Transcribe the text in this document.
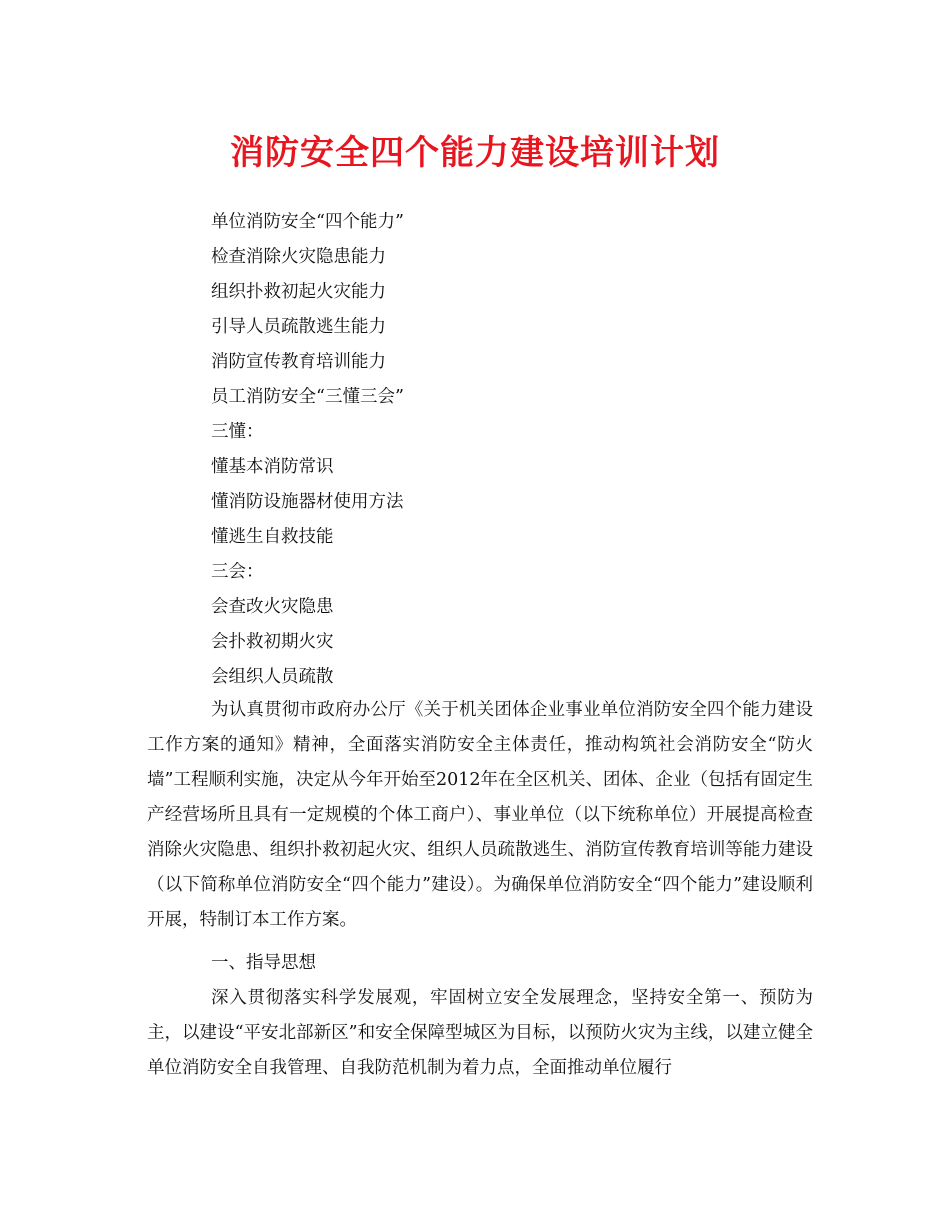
消防安全四个能力建设培训计划
单位消防安全“四个能力”
检查消除火灾隐患能力
组织扑救初起火灾能力
引导人员疏散逃生能力
消防宣传教育培训能力
员工消防安全“三懂三会”
三懂：
懂基本消防常识
懂消防设施器材使用方法
懂逃生自救技能
三会：
会查改火灾隐患
会扑救初期火灾
会组织人员疏散

为认真贯彻市政府办公厅《关于机关团体企业事业单位消防安全四个能力建设工作方案的通知》精神，全面落实消防安全主体责任，推动构筑社会消防安全“防火墙”工程顺利实施，决定从今年开始至2012年在全区机关、团体、企业（包括有固定生产经营场所且具有一定规模的个体工商户）、事业单位（以下统称单位）开展提高检查消除火灾隐患、组织扑救初起火灾、组织人员疏散逃生、消防宣传教育培训等能力建设（以下简称单位消防安全“四个能力”建设）。为确保单位消防安全“四个能力”建设顺利开展，特制订本工作方案。

一、指导思想

深入贯彻落实科学发展观，牢固树立安全发展理念，坚持安全第一、预防为主，以建设“平安北部新区”和安全保障型城区为目标，以预防火灾为主线，以建立健全单位消防安全自我管理、自我防范机制为着力点，全面推动单位履行
